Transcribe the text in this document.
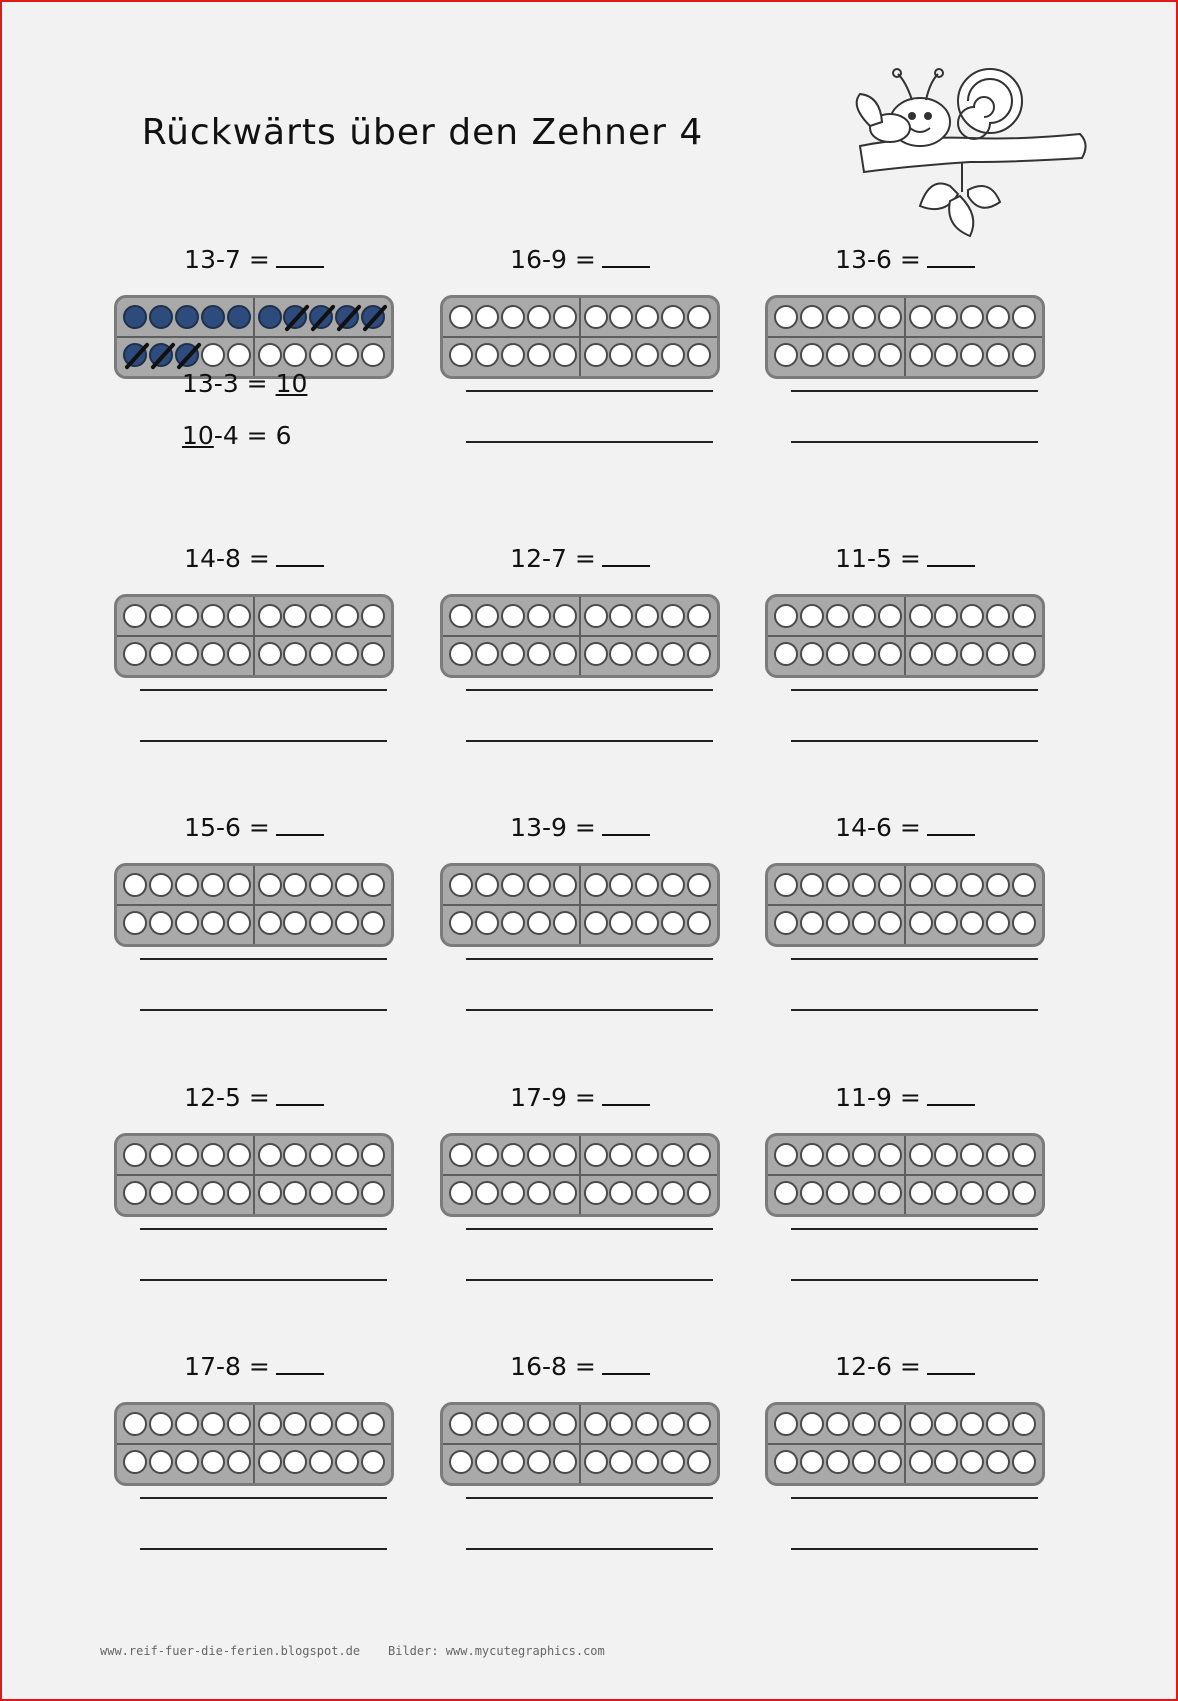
Rückwärts über den Zehner 4
13-7 =
13-3 = 10
10-4 = 6
16-9 =	13-6 =
14-8 =	12-7 =	11-5 =
15-6 =	13-9 =	14-6 =
12-5 =	17-9 =	11-9 =
17-8 =	16-8 =	12-6 =
www.reif-fuer-die-ferien.blogspot.de Bilder: www.mycutegraphics.com
